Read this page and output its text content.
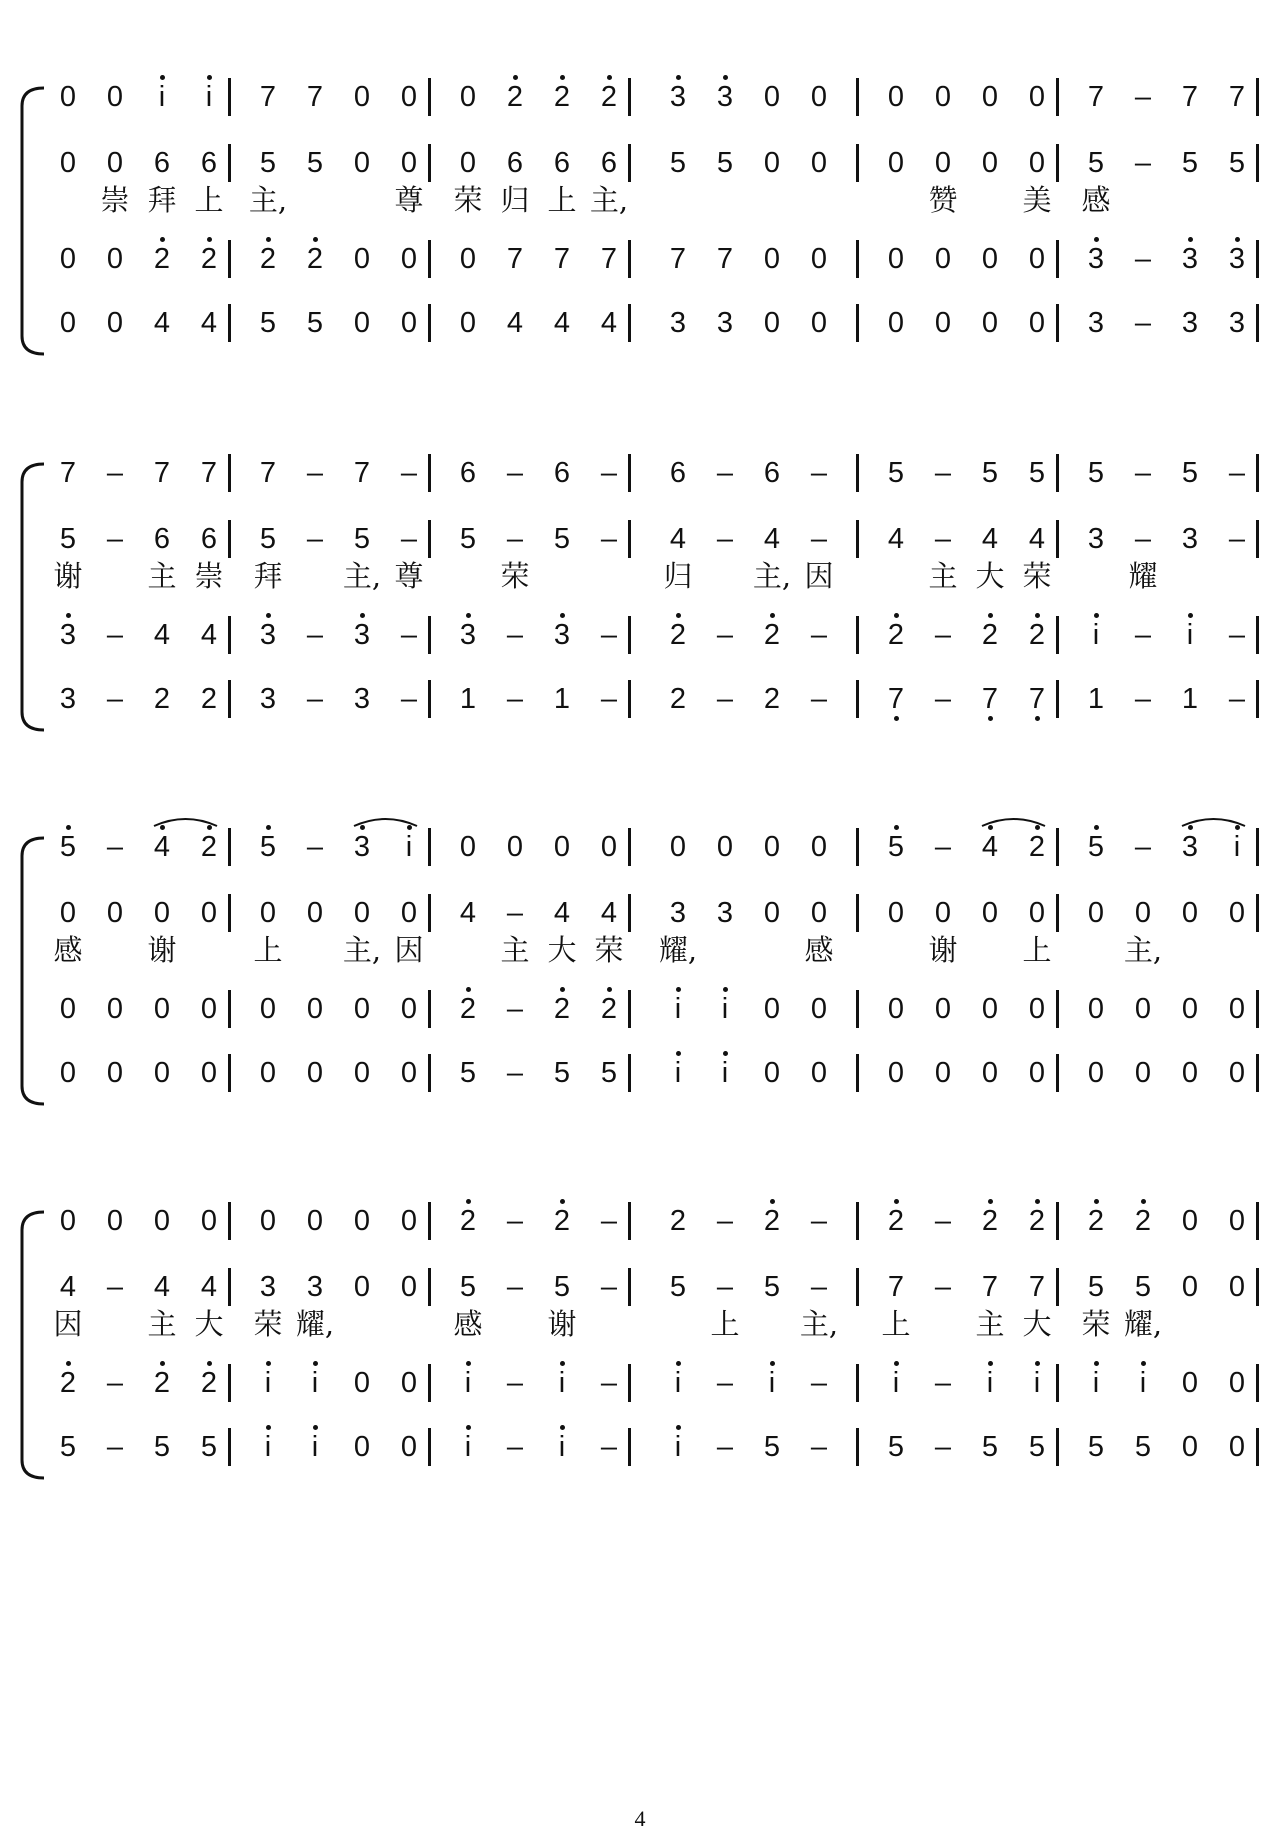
4
0	0	i	i	7	7	0	0	0	2	2	2	3	3	0	0	0	0	0	0	7	–	7	7
0	0	6	6	5	5	0	0	0	6	6	6	5	5	0	0	0	0	0	0	5	–	5	5
崇 拜 上 主,	尊 荣 归 上 主,	赞 美 感
0	0	2	2	2	2	0	0	0	7	7	7	7	7	0	0	0	0	0	0	3	–	3	3
0	0	4	4	5	5	0	0	0	4	4	4	3	3	0	0	0	0	0	0	3	–	3	3
7	–	7	7	7	–	7	–	6	–	6	–	6	–	6	–	5	–	5	5	5	–	5	–
5	–	6	6	5	–	5	–	5	–	5	–	4	–	4	–	4	–	4	4	3	–	3	–
谢 主 崇 拜 主, 尊	荣	归 主, 因	主 大 荣	耀
3	–	4	4	3	–	3	–	3	–	3	–	2	–	2	–	2	–	2	2	i	–	i	–
3	–	2	2	3	–	3	–	1	–	1	–	2	–	2	–	7	–	7	7	1	–	1	–
5	–	4	2	5	–	3	i	0	0	0	0	0	0	0	0	5	–	4	2	5	–	3	i
0	0	0	0	0	0	0	0	4	–	4	4	3	3	0	0	0	0	0	0	0	0	0	0
感 谢	上 主, 因	主 大 荣 耀,	感	谢 上 主,
0	0	0	0	0	0	0	0	2	–	2	2	i	i	0	0	0	0	0	0	0	0	0	0
0	0	0	0	0	0	0	0	5	–	5	5	i	i	0	0	0	0	0	0	0	0	0	0
0	0	0	0	0	0	0	0	2	–	2	–	2	–	2	–	2	–	2	2	2	2	0	0
4	–	4	4	3	3	0	0	5	–	5	–	5	–	5	–	7	–	7	7	5	5	0	0
因 主 大 荣 耀,	感 谢	上 主, 上 主 大 荣 耀,
2	–	2	2	i	i	0	0	i	–	i	–	i	–	i	–	i	–	i	i	i	i	0	0
5	–	5	5	i	i	0	0	i	–	i	–	i	–	5	–	5	–	5	5	5	5	0	0
